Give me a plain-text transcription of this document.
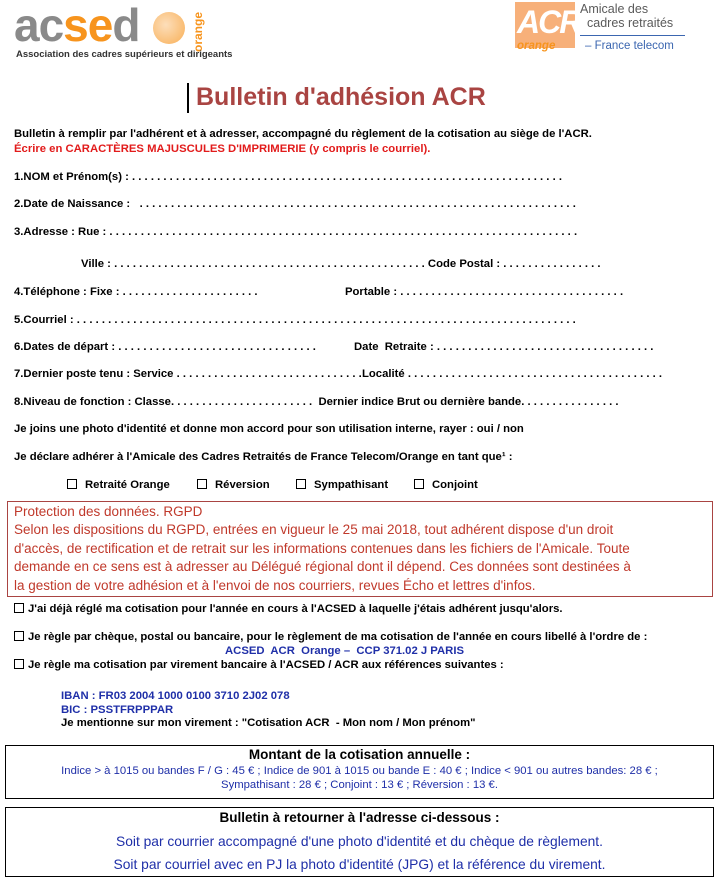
acsed	orange
Association des cadres supérieurs et dirigeants
ACR Amicale des
cadres retraités
orange	– France telecom
Bulletin d'adhésion ACR
Bulletin à remplir par l'adhérent et à adresser, accompagné du règlement de la cotisation au siège de l'ACR.
Écrire en CARACTÈRES MAJUSCULES D'IMPRIMERIE (y compris le courriel).
1.NOM et Prénom(s) : . . . . . . . . . . . . . . . . . . . . . . . . . . . . . . . . . . . . . . . . . . . . . . . . . . . . . . . . . . . . . . . . . . . . .
2.Date de Naissance :   . . . . . . . . . . . . . . . . . . . . . . . . . . . . . . . . . . . . . . . . . . . . . . . . . . . . . . . . . . . . . . . . . . . . . .
3.Adresse : Rue : . . . . . . . . . . . . . . . . . . . . . . . . . . . . . . . . . . . . . . . . . . . . . . . . . . . . . . . . . . . . . . . . . . . . . . . . . . .
Ville : . . . . . . . . . . . . . . . . . . . . . . . . . . . . . . . . . . . . . . . . . . . . . . . . . . Code Postal : . . . . . . . . . . . . . . . .
4.Téléphone : Fixe : . . . . . . . . . . . . . . . . . . . . . .	Portable : . . . . . . . . . . . . . . . . . . . . . . . . . . . . . . . . . . . .
5.Courriel : . . . . . . . . . . . . . . . . . . . . . . . . . . . . . . . . . . . . . . . . . . . . . . . . . . . . . . . . . . . . . . . . . . . . . . . . . . . . . . . .
6.Dates de départ : . . . . . . . . . . . . . . . . . . . . . . . . . . . . . . . .	Date  Retraite : . . . . . . . . . . . . . . . . . . . . . . . . . . . . . . . . . . .
7.Dernier poste tenu : Service . . . . . . . . . . . . . . . . . . . . . . . . . . . . . . Localité . . . . . . . . . . . . . . . . . . . . . . . . . . . . . . . . . . . . . . . . .
8.Niveau de fonction : Classe. . . . . . . . . . . . . . . . . . . . . . .  Dernier indice Brut ou dernière bande. . . . . . . . . . . . . . . .
Je joins une photo d'identité et donne mon accord pour son utilisation interne, rayer : oui / non
Je déclare adhérer à l'Amicale des Cadres Retraités de France Telecom/Orange en tant que¹ :
Retraité Orange	Réversion	Sympathisant	Conjoint
Protection des données. RGPD
Selon les dispositions du RGPD, entrées en vigueur le 25 mai 2018, tout adhérent dispose d'un droit
d'accès, de rectification et de retrait sur les informations contenues dans les fichiers de l'Amicale. Toute
demande en ce sens est à adresser au Délégué régional dont il dépend. Ces données sont destinées à
la gestion de votre adhésion et à l'envoi de nos courriers, revues Écho et lettres d'infos.
J'ai déjà réglé ma cotisation pour l'année en cours à l'ACSED à laquelle j'étais adhérent jusqu'alors.
Je règle par chèque, postal ou bancaire, pour le règlement de ma cotisation de l'année en cours libellé à l'ordre de :
ACSED  ACR  Orange –  CCP 371.02 J PARIS
Je règle ma cotisation par virement bancaire à l'ACSED / ACR aux références suivantes :
IBAN : FR03 2004 1000 0100 3710 2J02 078
BIC : PSSTFRPPPAR
Je mentionne sur mon virement : "Cotisation ACR  - Mon nom / Mon prénom"
Montant de la cotisation annuelle :
Indice > à 1015 ou bandes F / G : 45 € ; Indice de 901 à 1015 ou bande E : 40 € ; Indice < 901 ou autres bandes: 28 € ;
Sympathisant : 28 € ; Conjoint : 13 € ; Réversion : 13 €.
Bulletin à retourner à l'adresse ci-dessous :
Soit par courrier accompagné d'une photo d'identité et du chèque de règlement.
Soit par courriel avec en PJ la photo d'identité (JPG) et la référence du virement.
